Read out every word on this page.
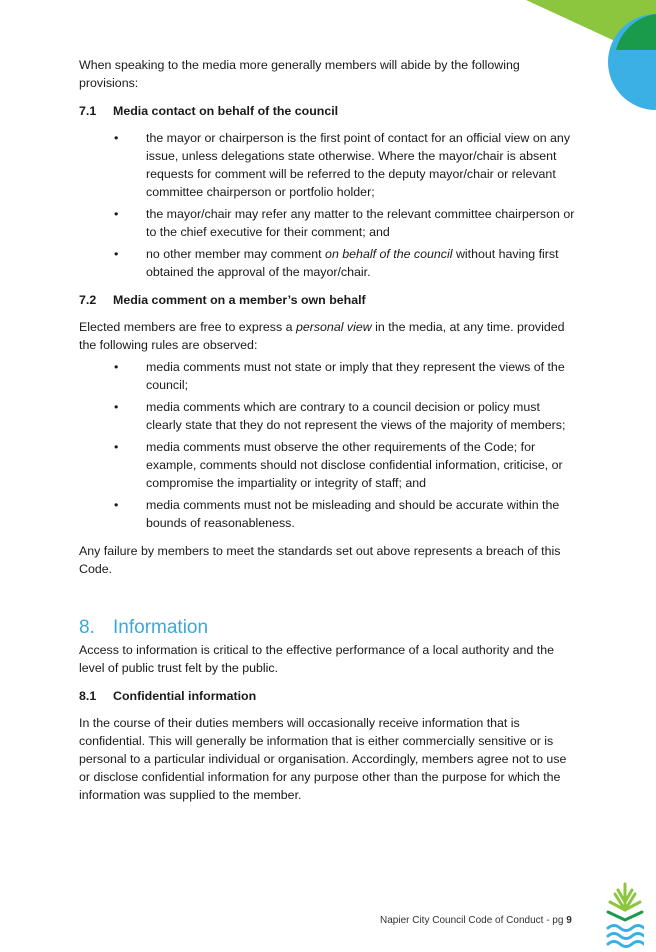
When speaking to the media more generally members will abide by the following provisions:

7.1 Media contact on behalf of the council
• the mayor or chairperson is the first point of contact for an official view on any issue, unless delegations state otherwise. Where the mayor/chair is absent requests for comment will be referred to the deputy mayor/chair or relevant committee chairperson or portfolio holder;
• the mayor/chair may refer any matter to the relevant committee chairperson or to the chief executive for their comment; and
• no other member may comment on behalf of the council without having first obtained the approval of the mayor/chair.
7.2 Media comment on a member’s own behalf

Elected members are free to express a personal view in the media, at any time. provided the following rules are observed:

• media comments must not state or imply that they represent the views of the council;
• media comments which are contrary to a council decision or policy must clearly state that they do not represent the views of the majority of members;
• media comments must observe the other requirements of the Code; for example, comments should not disclose confidential information, criticise, or compromise the impartiality or integrity of staff; and
• media comments must not be misleading and should be accurate within the bounds of reasonableness.

Any failure by members to meet the standards set out above represents a breach of this Code.

8. Information

Access to information is critical to the effective performance of a local authority and the level of public trust felt by the public.

8.1 Confidential information

In the course of their duties members will occasionally receive information that is confidential. This will generally be information that is either commercially sensitive or is personal to a particular individual or organisation. Accordingly, members agree not to use or disclose confidential information for any purpose other than the purpose for which the information was supplied to the member.

Napier City Council Code of Conduct - pg 9
